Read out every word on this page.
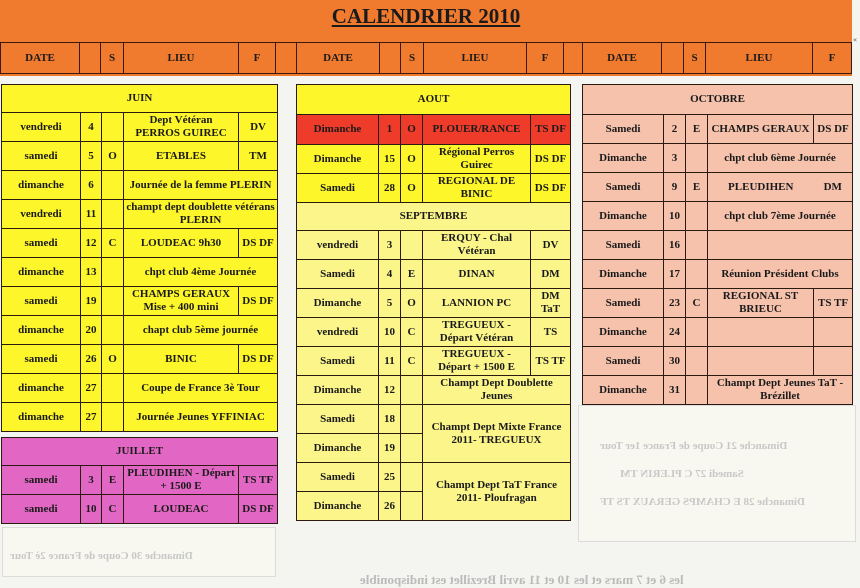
CALENDRIER 2010
«
DATE	S	LIEU	F	DATE	S	LIEU	F	DATE	S	LIEU	F
Dimanche 30 Coupe de France 2è Tour
Dimanche 21 Coupe de France 1er Tour
Samedi 27 C PLERIN TM
Dimanche 28 E CHAMPS GERAUX TS TF
les 6 et 7 mars et les 10 et 11 avril Brezillet est indisponible
JUIN				
vendredi	4		Dept Vétéran PERROS GUIREC	DV
samedi	5	O	ETABLES	TM
dimanche	6		Journée de la femme PLERIN	
vendredi	11		champt dept doublette vétérans PLERIN	
samedi	12	C	LOUDEAC 9h30	DS DF
dimanche	13		chpt club 4ème Journée	
samedi	19		CHAMPS GERAUX Mise + 400 mini	DS DF
dimanche	20		chapt club 5ème journée	
samedi	26	O	BINIC	DS DF
dimanche	27		Coupe de France 3è Tour	
dimanche	27		Journée Jeunes YFFINIAC	
JUILLET				
samedi	3	E	PLEUDIHEN - Départ + 1500 E	TS TF
samedi	10	C	LOUDEAC	DS DF
AOUT				
Dimanche	1	O	PLOUER/RANCE	TS DF
Dimanche	15	O	Régional Perros Guirec	DS DF
Samedi	28	O	REGIONAL DE BINIC	DS DF
SEPTEMBRE				
vendredi	3		ERQUY - Chal Vétéran	DV
Samedi	4	E	DINAN	DM
Dimanche	5	O	LANNION PC	DM TaT
vendredi	10	C	TREGUEUX - Départ Vétéran	TS
Samedi	11	C	TREGUEUX - Départ + 1500 E	TS TF
Dimanche	12		Champt Dept Doublette Jeunes	
Samedi	18		Champt Dept Mixte France 2011- TREGUEUX	
Dimanche	19			
Samedi	25		Champt Dept TaT France 2011- Ploufragan	
Dimanche	26			
OCTOBRE				
Samedi	2	E	CHAMPS GERAUX	DS DF
Dimanche	3		chpt club 6ème Journée	
Samedi	9	E	PLEUDIHEN	DM
Dimanche	10		chpt club 7ème Journée	
Samedi	16			
Dimanche	17		Réunion Président Clubs	
Samedi	23	C	REGIONAL ST BRIEUC	TS TF
Dimanche	24			
Samedi	30			
Dimanche	31		Champt Dept Jeunes TaT - Brézillet	
